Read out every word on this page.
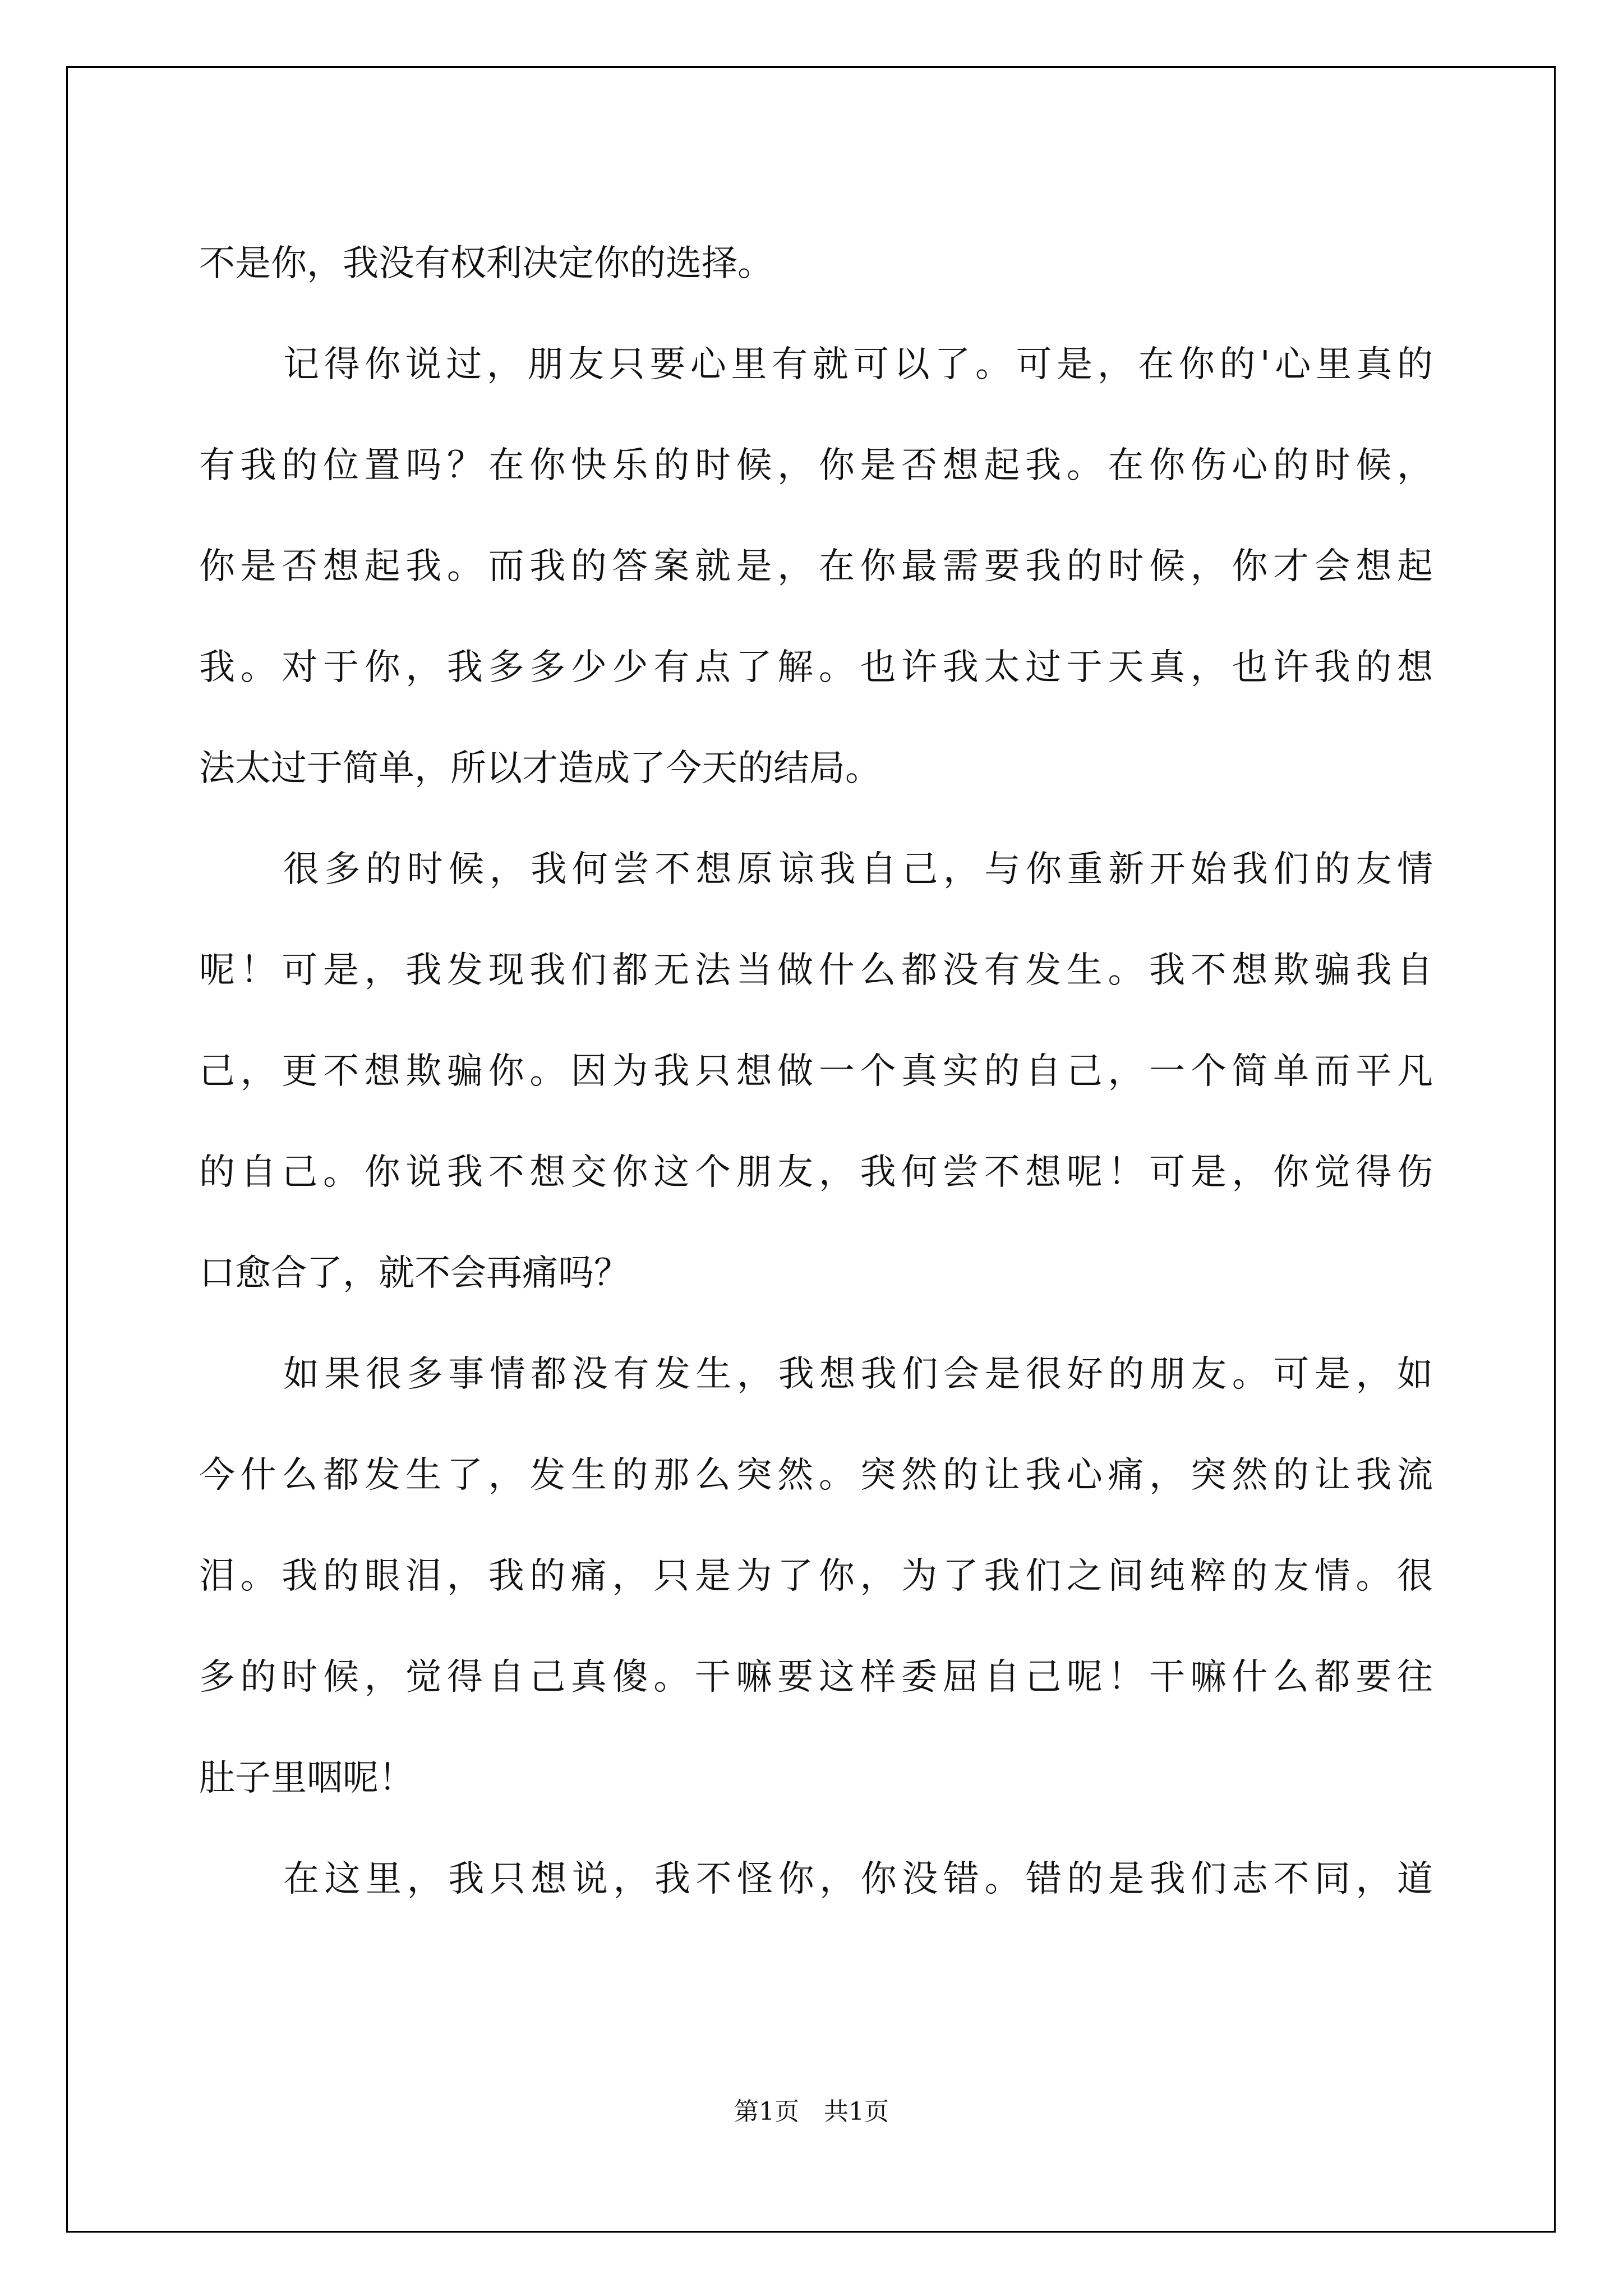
不是你，我没有权利决定你的选择。
记得你说过，朋友只要心里有就可以了。可是，在你的'心里真的
有我的位置吗？在你快乐的时候，你是否想起我。在你伤心的时候，
你是否想起我。而我的答案就是，在你最需要我的时候，你才会想起
我。对于你，我多多少少有点了解。也许我太过于天真，也许我的想
法太过于简单，所以才造成了今天的结局。
很多的时候，我何尝不想原谅我自己，与你重新开始我们的友情
呢！可是，我发现我们都无法当做什么都没有发生。我不想欺骗我自
己，更不想欺骗你。因为我只想做一个真实的自己，一个简单而平凡
的自己。你说我不想交你这个朋友，我何尝不想呢！可是，你觉得伤
口愈合了，就不会再痛吗？
如果很多事情都没有发生，我想我们会是很好的朋友。可是，如
今什么都发生了，发生的那么突然。突然的让我心痛，突然的让我流
泪。我的眼泪，我的痛，只是为了你，为了我们之间纯粹的友情。很
多的时候，觉得自己真傻。干嘛要这样委屈自己呢！干嘛什么都要往
肚子里咽呢！
在这里，我只想说，我不怪你，你没错。错的是我们志不同，道
第1页　共1页
